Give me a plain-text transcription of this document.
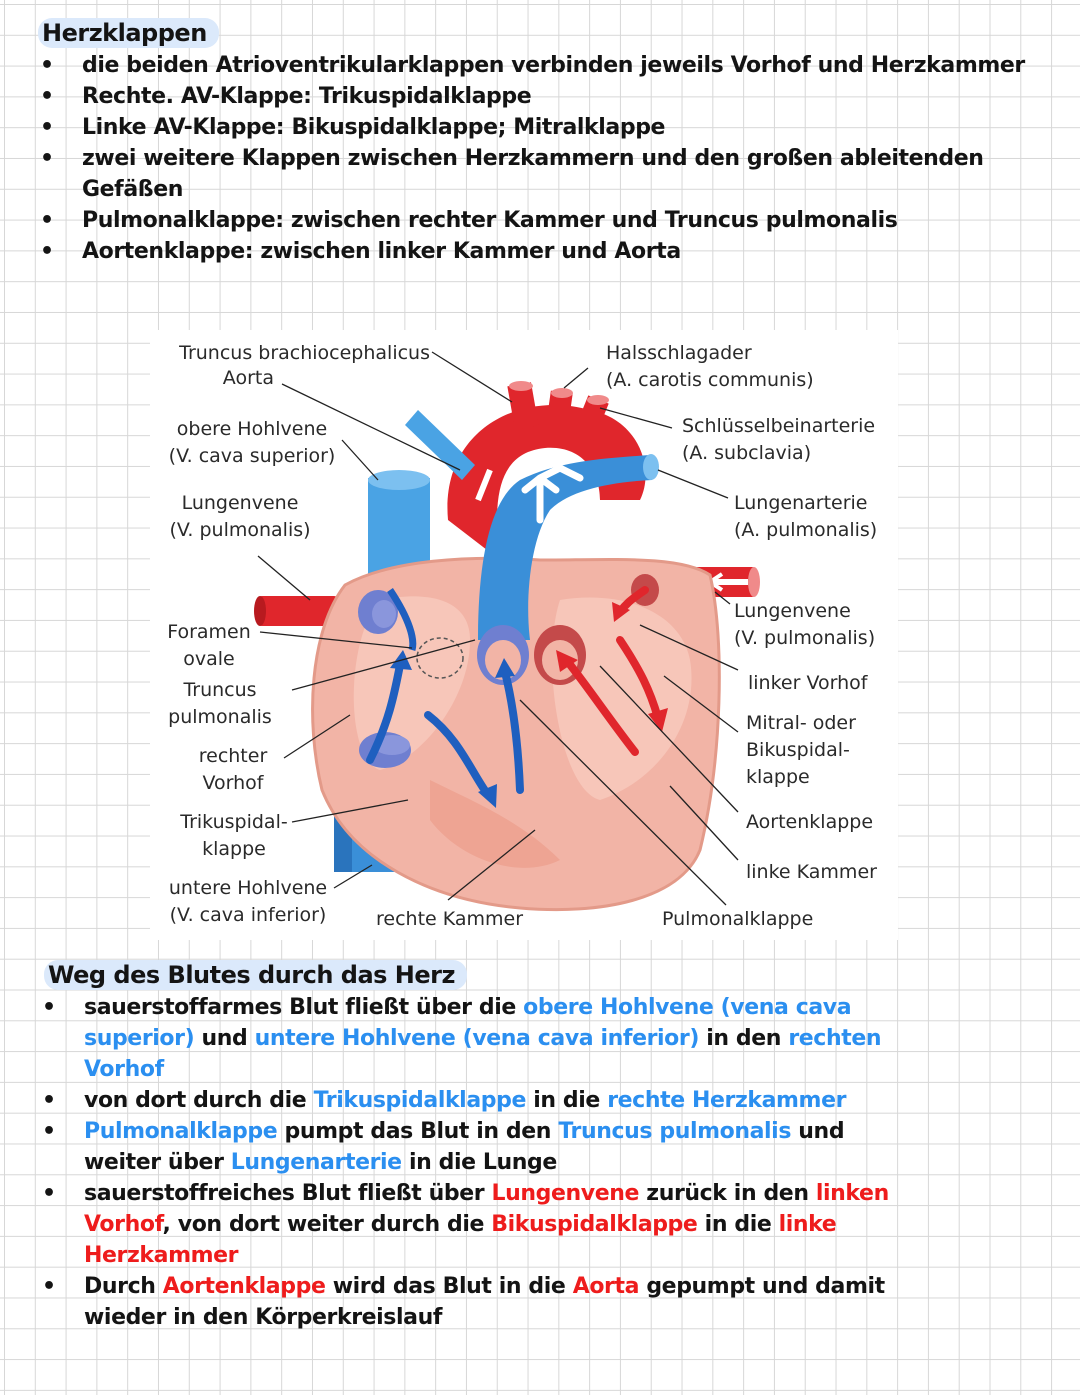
Herzklappen
• die beiden Atrioventrikularklappen verbinden jeweils Vorhof und Herzkammer
• Rechte. AV-Klappe: Trikuspidalklappe
• Linke AV-Klappe: Bikuspidalklappe; Mitralklappe
• zwei weitere Klappen zwischen Herzkammern und den großen ableitenden Gefäßen
• Pulmonalklappe: zwischen rechter Kammer und Truncus pulmonalis
• Aortenklappe: zwischen linker Kammer und Aorta
Truncus brachiocephalicus
Aorta
obere Hohlvene
(V. cava superior)
Lungenvene
(V. pulmonalis)
Foramen
ovale
Truncus
pulmonalis
rechter
Vorhof
Trikuspidal-
klappe
untere Hohlvene
(V. cava inferior)	rechte Kammer	Pulmonalklappe
Halsschlagader
(A. carotis communis)
Schlüsselbeinarterie
(A. subclavia)
Lungenarterie
(A. pulmonalis)
Lungenvene
(V. pulmonalis)
linker Vorhof
Mitral- oder
Bikuspidal-
klappe
Aortenklappe
linke Kammer
Weg des Blutes durch das Herz
• sauerstoffarmes Blut fließt über die obere Hohlvene (vena cava superior) und untere Hohlvene (vena cava inferior) in den rechten Vorhof
• von dort durch die Trikuspidalklappe in die rechte Herzkammer
• Pulmonalklappe pumpt das Blut in den Truncus pulmonalis und weiter über Lungenarterie in die Lunge
• sauerstoffreiches Blut fließt über Lungenvene zurück in den linken Vorhof, von dort weiter durch die Bikuspidalklappe in die linke Herzkammer
• Durch Aortenklappe wird das Blut in die Aorta gepumpt und damit wieder in den Körperkreislauf
